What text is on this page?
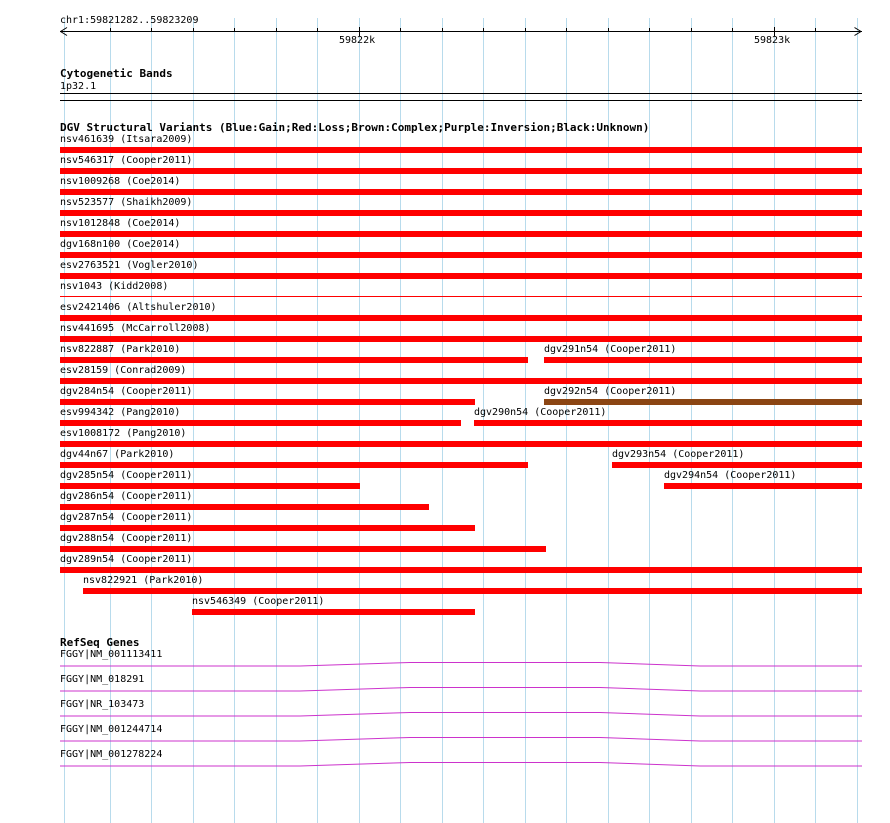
chr1:59821282..59823209
59822k	59823k
Cytogenetic Bands
1p32.1
DGV Structural Variants (Blue:Gain;Red:Loss;Brown:Complex;Purple:Inversion;Black:Unknown)
nsv461639 (Itsara2009)
nsv546317 (Cooper2011)
nsv1009268 (Coe2014)
nsv523577 (Shaikh2009)
nsv1012848 (Coe2014)
dgv168n100 (Coe2014)
esv2763521 (Vogler2010)
nsv1043 (Kidd2008)
esv2421406 (Altshuler2010)
nsv441695 (McCarroll2008)
nsv822887 (Park2010)	dgv291n54 (Cooper2011)
esv28159 (Conrad2009)
dgv284n54 (Cooper2011)	dgv292n54 (Cooper2011)
esv994342 (Pang2010)	dgv290n54 (Cooper2011)
esv1008172 (Pang2010)
dgv44n67 (Park2010)	dgv293n54 (Cooper2011)
dgv285n54 (Cooper2011)	dgv294n54 (Cooper2011)
dgv286n54 (Cooper2011)
dgv287n54 (Cooper2011)
dgv288n54 (Cooper2011)
dgv289n54 (Cooper2011)
nsv822921 (Park2010)
nsv546349 (Cooper2011)
RefSeq Genes
FGGY|NM_001113411
FGGY|NM_018291
FGGY|NR_103473
FGGY|NM_001244714
FGGY|NM_001278224
